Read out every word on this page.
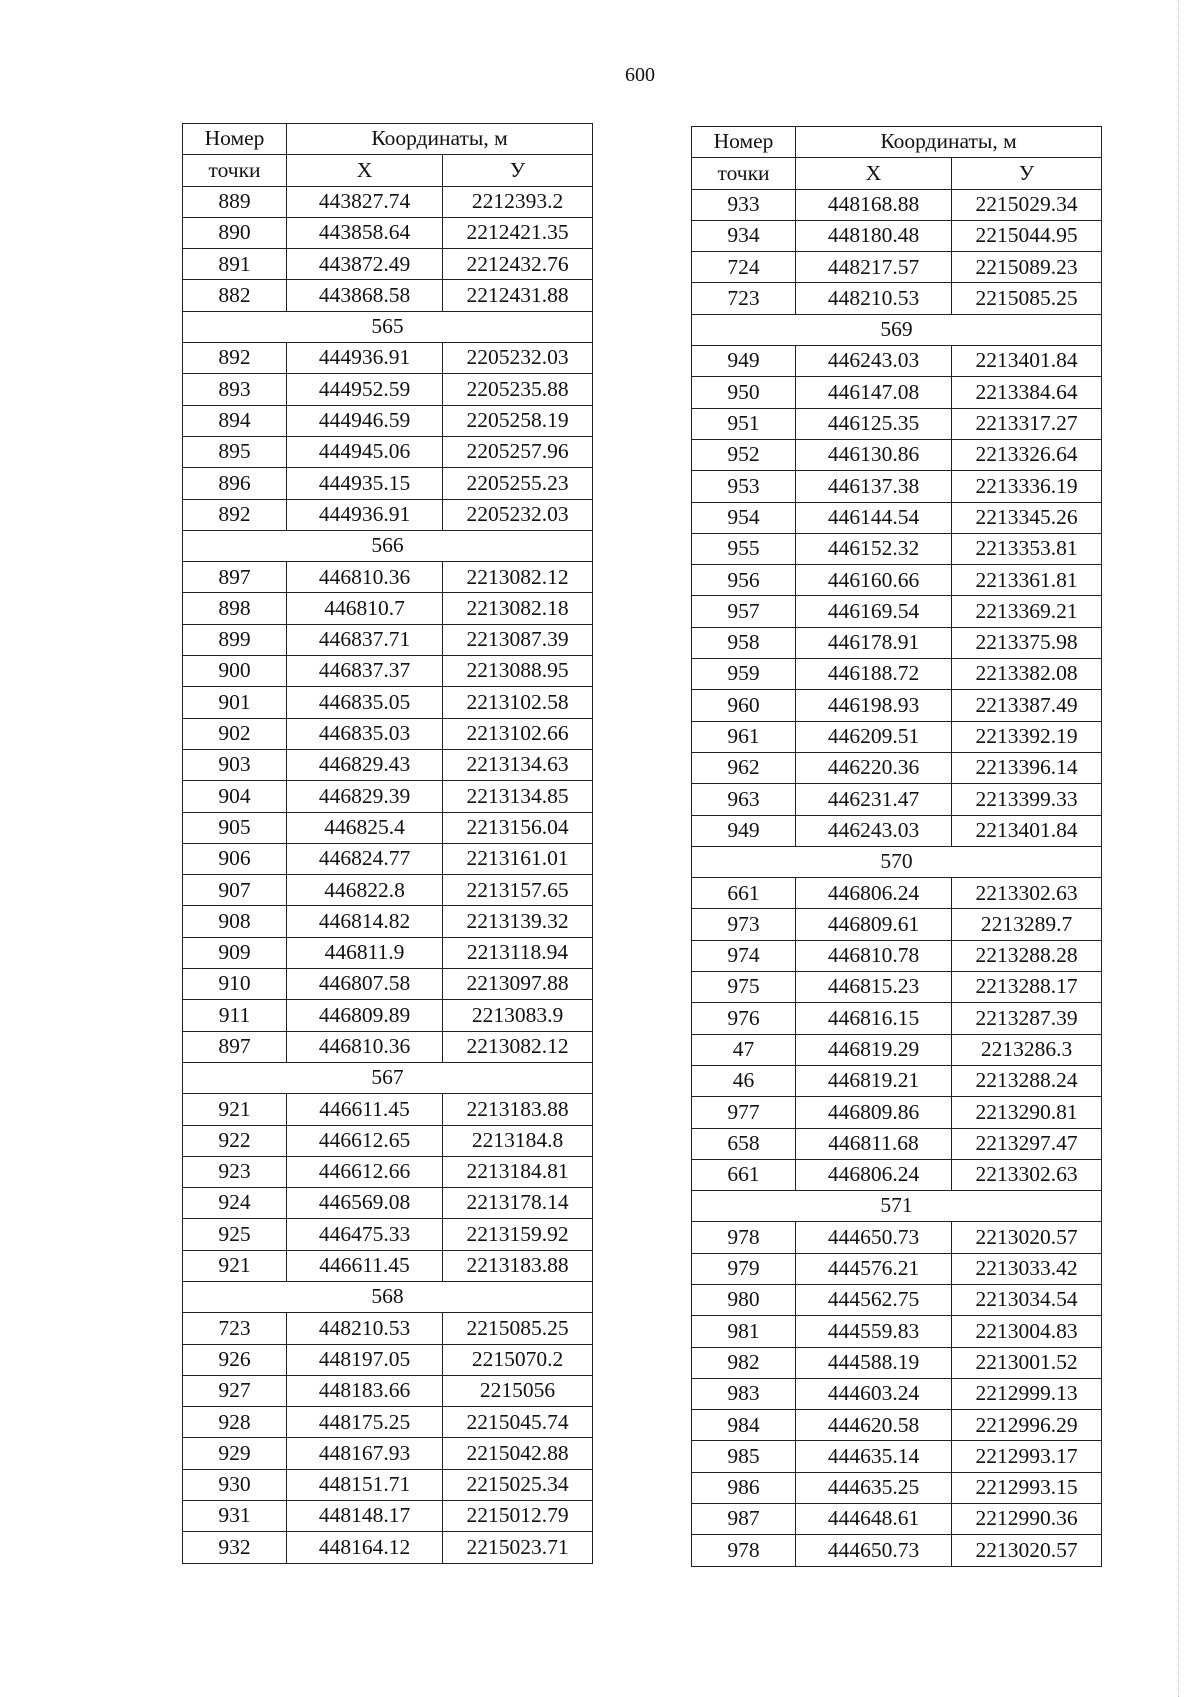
600
Номер	Координаты, м	
точки	X	У
889	443827.74	2212393.2
890	443858.64	2212421.35
891	443872.49	2212432.76
882	443868.58	2212431.88
565		
892	444936.91	2205232.03
893	444952.59	2205235.88
894	444946.59	2205258.19
895	444945.06	2205257.96
896	444935.15	2205255.23
892	444936.91	2205232.03
566		
897	446810.36	2213082.12
898	446810.7	2213082.18
899	446837.71	2213087.39
900	446837.37	2213088.95
901	446835.05	2213102.58
902	446835.03	2213102.66
903	446829.43	2213134.63
904	446829.39	2213134.85
905	446825.4	2213156.04
906	446824.77	2213161.01
907	446822.8	2213157.65
908	446814.82	2213139.32
909	446811.9	2213118.94
910	446807.58	2213097.88
911	446809.89	2213083.9
897	446810.36	2213082.12
567		
921	446611.45	2213183.88
922	446612.65	2213184.8
923	446612.66	2213184.81
924	446569.08	2213178.14
925	446475.33	2213159.92
921	446611.45	2213183.88
568		
723	448210.53	2215085.25
926	448197.05	2215070.2
927	448183.66	2215056
928	448175.25	2215045.74
929	448167.93	2215042.88
930	448151.71	2215025.34
931	448148.17	2215012.79
932	448164.12	2215023.71
Номер	Координаты, м	
точки	X	У
933	448168.88	2215029.34
934	448180.48	2215044.95
724	448217.57	2215089.23
723	448210.53	2215085.25
569		
949	446243.03	2213401.84
950	446147.08	2213384.64
951	446125.35	2213317.27
952	446130.86	2213326.64
953	446137.38	2213336.19
954	446144.54	2213345.26
955	446152.32	2213353.81
956	446160.66	2213361.81
957	446169.54	2213369.21
958	446178.91	2213375.98
959	446188.72	2213382.08
960	446198.93	2213387.49
961	446209.51	2213392.19
962	446220.36	2213396.14
963	446231.47	2213399.33
949	446243.03	2213401.84
570		
661	446806.24	2213302.63
973	446809.61	2213289.7
974	446810.78	2213288.28
975	446815.23	2213288.17
976	446816.15	2213287.39
47	446819.29	2213286.3
46	446819.21	2213288.24
977	446809.86	2213290.81
658	446811.68	2213297.47
661	446806.24	2213302.63
571		
978	444650.73	2213020.57
979	444576.21	2213033.42
980	444562.75	2213034.54
981	444559.83	2213004.83
982	444588.19	2213001.52
983	444603.24	2212999.13
984	444620.58	2212996.29
985	444635.14	2212993.17
986	444635.25	2212993.15
987	444648.61	2212990.36
978	444650.73	2213020.57
